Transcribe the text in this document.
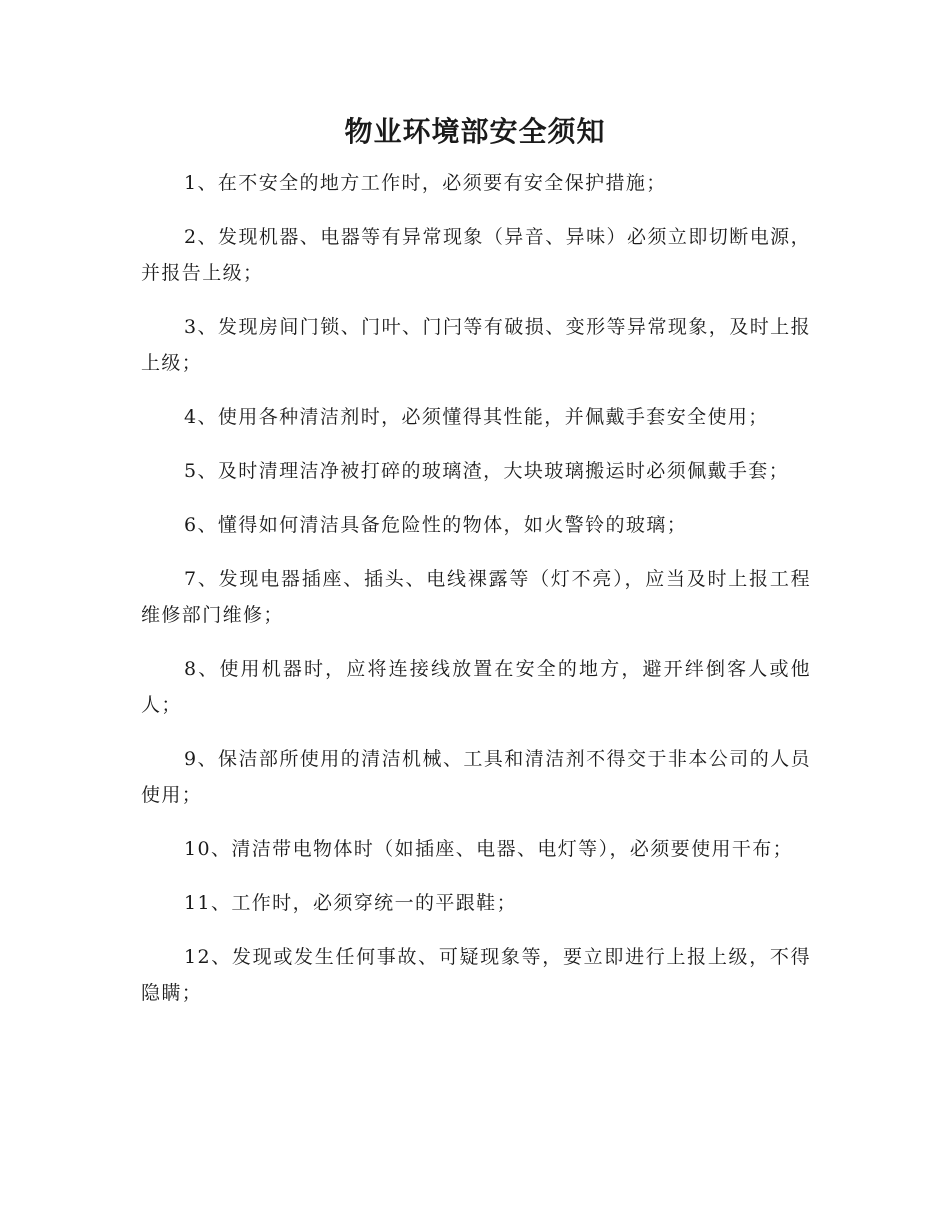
物业环境部安全须知

1、在不安全的地方工作时，必须要有安全保护措施；

2、发现机器、电器等有异常现象（异音、异味）必须立即切断电源，并报告上级；

3、发现房间门锁、门叶、门闩等有破损、变形等异常现象，及时上报上级；

4、使用各种清洁剂时，必须懂得其性能，并佩戴手套安全使用；

5、及时清理洁净被打碎的玻璃渣，大块玻璃搬运时必须佩戴手套；

6、懂得如何清洁具备危险性的物体，如火警铃的玻璃；

7、发现电器插座、插头、电线裸露等（灯不亮），应当及时上报工程维修部门维修；

8、使用机器时，应将连接线放置在安全的地方，避开绊倒客人或他人；

9、保洁部所使用的清洁机械、工具和清洁剂不得交于非本公司的人员使用；

10、清洁带电物体时（如插座、电器、电灯等），必须要使用干布；

11、工作时，必须穿统一的平跟鞋；

12、发现或发生任何事故、可疑现象等，要立即进行上报上级，不得隐瞒；
